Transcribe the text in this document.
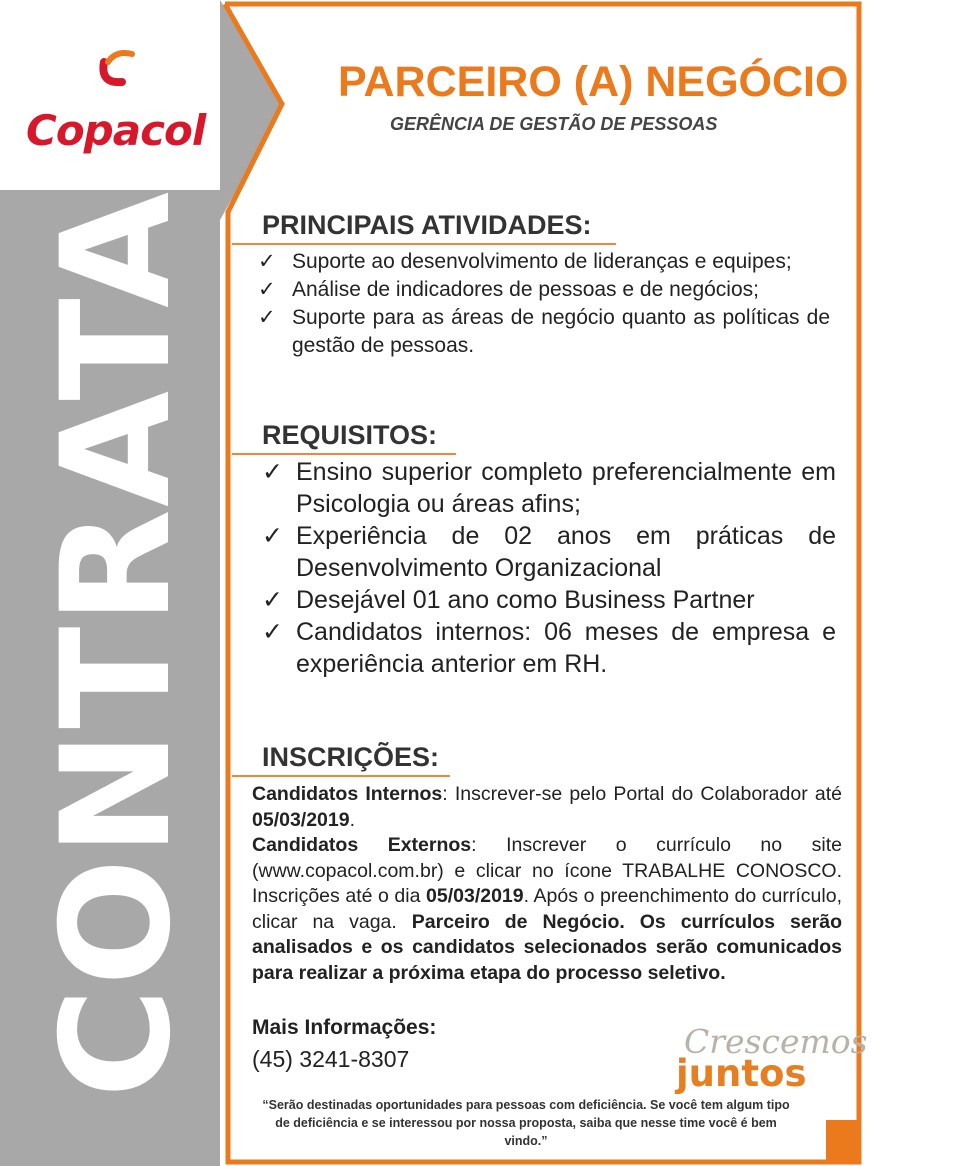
Copacol
CONTRATA
PARCEIRO (A) NEGÓCIO
GERÊNCIA DE GESTÃO DE PESSOAS
PRINCIPAIS ATIVIDADES:
✓ Suporte ao desenvolvimento de lideranças e equipes;
✓ Análise de indicadores de pessoas e de negócios;
✓ Suporte para as áreas de negócio quanto as políticas de gestão de pessoas.
REQUISITOS:
✓ Ensino superior completo preferencialmente em Psicologia ou áreas afins;
✓ Experiência de 02 anos em práticas de Desenvolvimento Organizacional
✓ Desejável 01 ano como Business Partner
✓ Candidatos internos: 06 meses de empresa e experiência anterior em RH.
INSCRIÇÕES:
Candidatos Internos: Inscrever-se pelo Portal do Colaborador até 05/03/2019.
Candidatos Externos: Inscrever o currículo no site (www.copacol.com.br) e clicar no ícone TRABALHE CONOSCO. Inscrições até o dia 05/03/2019. Após o preenchimento do currículo, clicar na vaga. Parceiro de Negócio. Os currículos serão analisados e os candidatos selecionados serão comunicados para realizar a próxima etapa do processo seletivo.
Mais Informações:
(45) 3241-8307	Crescemos
juntos
“Serão destinadas oportunidades para pessoas com deficiência. Se você tem algum tipo de deficiência e se interessou por nossa proposta, saiba que nesse time você é bem vindo.”
